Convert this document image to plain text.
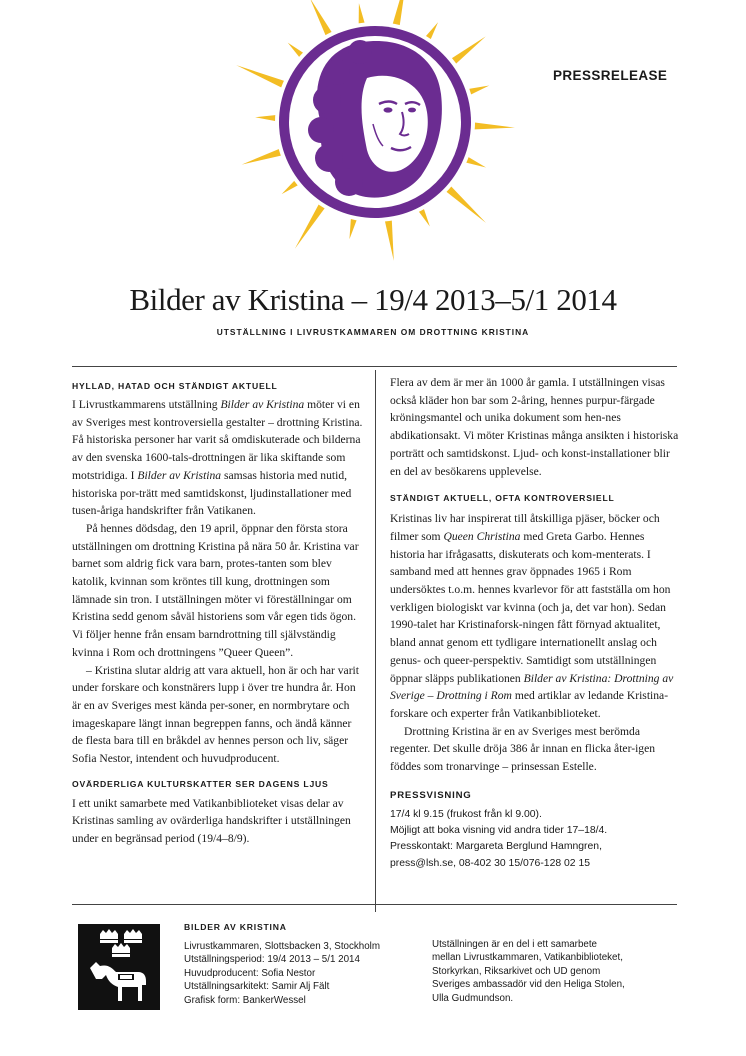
PRESSRELEASE
Bilder av Kristina – 19/4 2013–5/1 2014
UTSTÄLLNING I LIVRUSTKAMMAREN OM DROTTNING KRISTINA
HYLLAD, HATAD OCH STÄNDIGT AKTUELL

I Livrustkammarens utställning Bilder av Kristina möter vi en av Sveriges mest kontroversiella gestalter – drottning Kristina. Få historiska personer har varit så omdiskuterade och bilderna av den svenska 1600-tals-drottningen är lika skiftande som motstridiga. I Bilder av Kristina samsas historia med nutid, historiska por-trätt med samtidskonst, ljudinstallationer med tusen-åriga handskrifter från Vatikanen.

På hennes dödsdag, den 19 april, öppnar den första stora utställningen om drottning Kristina på nära 50 år. Kristina var barnet som aldrig fick vara barn, protes-tanten som blev katolik, kvinnan som kröntes till kung, drottningen som lämnade sin tron. I utställningen möter vi föreställningar om Kristina sedd genom såväl historiens som vår egen tids ögon. Vi följer henne från ensam barndrottning till självständig kvinna i Rom och drottningens ”Queer Queen”.

– Kristina slutar aldrig att vara aktuell, hon är och har varit under forskare och konstnärers lupp i över tre hundra år. Hon är en av Sveriges mest kända per-soner, en normbrytare och imageskapare längt innan begreppen fanns, och ändå känner de flesta bara till en bråkdel av hennes person och liv, säger Sofia Nestor, intendent och huvudproducent.

OVÄRDERLIGA KULTURSKATTER SER DAGENS LJUS

I ett unikt samarbete med Vatikanbiblioteket visas delar av Kristinas samling av ovärderliga handskrifter i utställningen under en begränsad period (19/4–8/9).

Flera av dem är mer än 1000 år gamla. I utställningen visas också kläder hon bar som 2-åring, hennes purpur-färgade kröningsmantel och unika dokument som hen-nes abdikationsakt. Vi möter Kristinas många ansikten i historiska porträtt och samtidskonst. Ljud- och konst-installationer blir en del av besökarens upplevelse.

STÄNDIGT AKTUELL, OFTA KONTROVERSIELL

Kristinas liv har inspirerat till åtskilliga pjäser, böcker och filmer som Queen Christina med Greta Garbo. Hennes historia har ifrågasatts, diskuterats och kom-menterats. I samband med att hennes grav öppnades 1965 i Rom undersöktes t.o.m. hennes kvarlevor för att fastställa om hon verkligen biologiskt var kvinna (och ja, det var hon). Sedan 1990-talet har Kristinaforsk-ningen fått förnyad aktualitet, bland annat genom ett tydligare internationellt anslag och genus- och queer-perspektiv. Samtidigt som utställningen öppnar släpps publikationen Bilder av Kristina: Drottning av Sverige – Drottning i Rom med artiklar av ledande Kristina-forskare och experter från Vatikanbiblioteket.

Drottning Kristina är en av Sveriges mest berömda regenter. Det skulle dröja 386 år innan en flicka åter-igen föddes som tronarvinge – prinsessan Estelle.

PRESSVISNING
17/4 kl 9.15 (frukost från kl 9.00).
Möjligt att boka visning vid andra tider 17–18/4.
Presskontakt: Margareta Berglund Hamngren,
press@lsh.se, 08-402 30 15/076-128 02 15
BILDER AV KRISTINA
Livrustkammaren, Slottsbacken 3, Stockholm
Utställningsperiod: 19/4 2013 – 5/1 2014
Huvudproducent: Sofia Nestor
Utställningsarkitekt: Samir Alj Fält
Grafisk form: BankerWessel
Utställningen är en del i ett samarbete
mellan Livrustkammaren, Vatikanbiblioteket,
Storkyrkan, Riksarkivet och UD genom
Sveriges ambassadör vid den Heliga Stolen,
Ulla Gudmundson.
